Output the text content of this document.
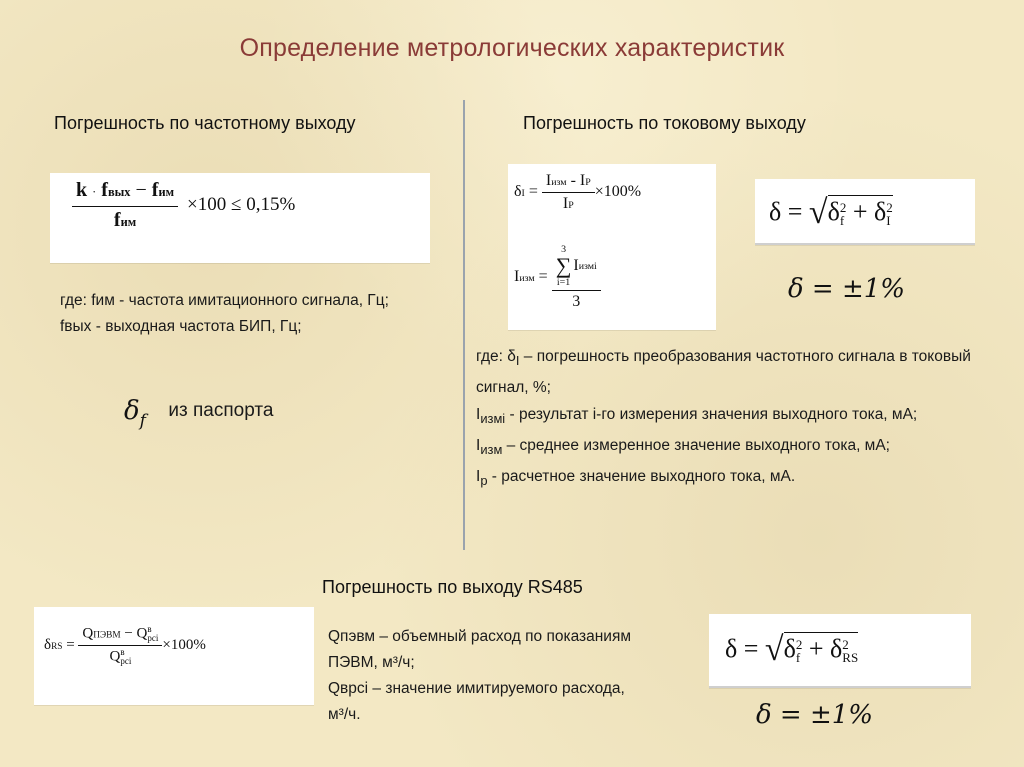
Определение метрологических характеристик
Погрешность по частотному выходу
$\frac{\text{k · fвых − fим}}{\text{fим}} \times 100 \le 0,15\%$

где: fим - частота имитационного сигнала, Гц;

fвых - выходная частота БИП, Гц;

δf из паспорта
Погрешность по токовому выходу
$\delta I = \frac{\text{Iизм - IP}}{IP} \times 100\%$
Iизм = 3
∑
i=1
I измi
3
δ = √δ 2
f + δ 2
I
δ = ±1%

где: $\delta_I$ – погрешность преобразования частотного сигнала в токовый сигнал, %;

$I_{измi}$ - результат i-го измерения значения выходного тока, мА;

$I_{изм}$ – среднее измеренное значение выходного тока, мА;

$I_р$ - расчетное значение выходного тока, мА.

Погрешность по выходу RS485
δRS = QПЭВМ − Q в
pci
Q в
pci ×100%	Qпэвм – объемный расход по показаниям ПЭВМ, м³/ч;

Qврсi – значение имитируемого расхода, м³/ч.

δ = √δ 2
f + δ 2
RS
δ = ±1%
